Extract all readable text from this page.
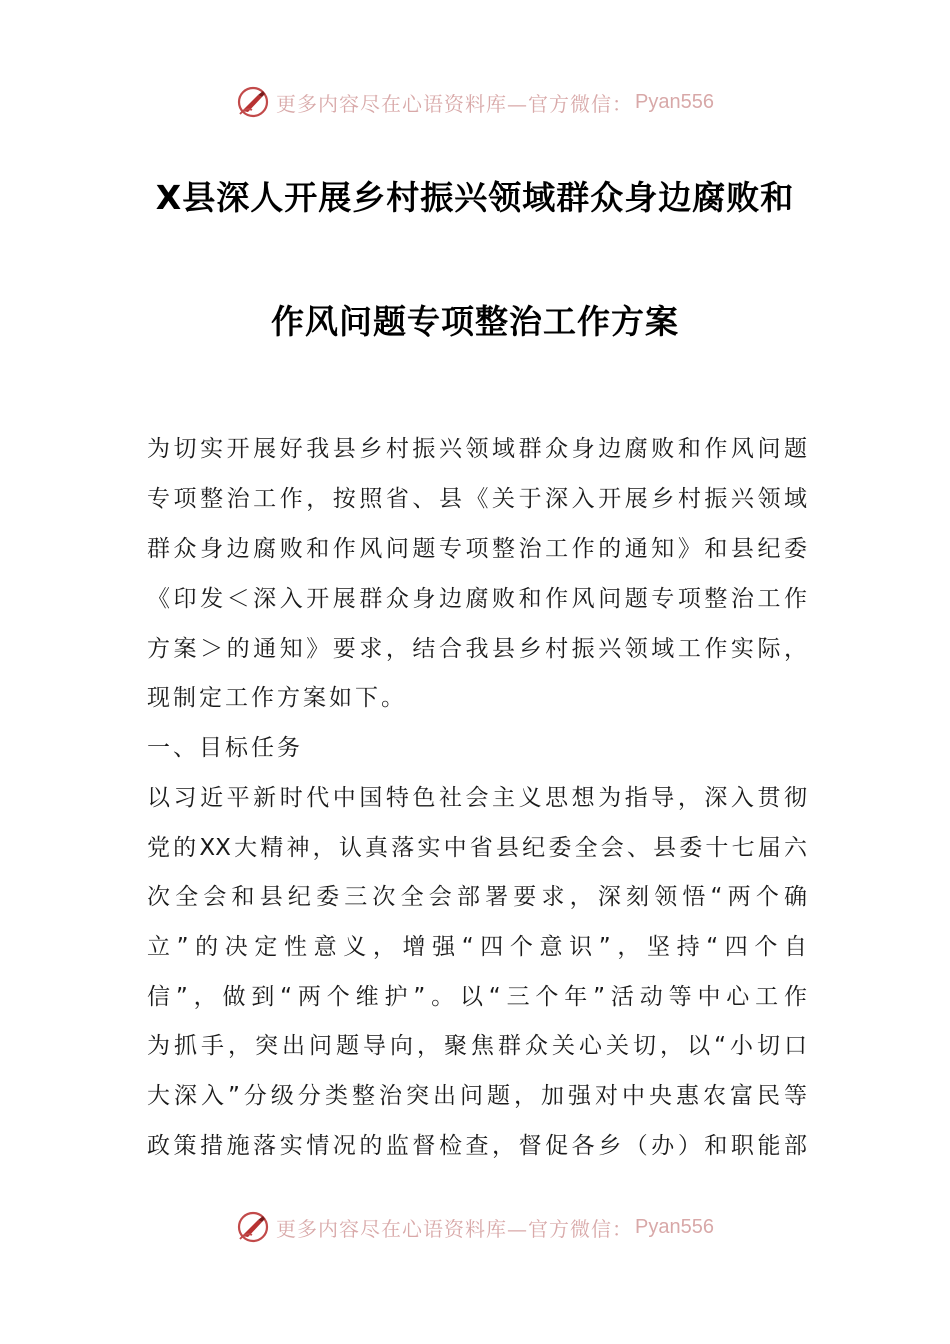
更多内容尽在心语资料库—官方微信： Pyan556
X县深人开展乡村振兴领域群众身边腐败和
作风问题专项整治工作方案
为切实开展好我县乡村振兴领域群众身边腐败和作风问题
专项整治工作，按照省、县《关于深入开展乡村振兴领域
群众身边腐败和作风问题专项整治工作的通知》和县纪委
《印发＜深入开展群众身边腐败和作风问题专项整治工作
方案＞的通知》要求，结合我县乡村振兴领域工作实际，
现制定工作方案如下。
一、目标任务
以习近平新时代中国特色社会主义思想为指导，深入贯彻
党的XX大精神，认真落实中省县纪委全会、县委十七届六
次全会和县纪委三次全会部署要求，深刻领悟“两个确
立”的决定性意义，增强“四个意识”，坚持“四个自
信”，做到“两个维护”。以“三个年”活动等中心工作
为抓手，突出问题导向，聚焦群众关心关切，以“小切口
大深入”分级分类整治突出问题，加强对中央惠农富民等
政策措施落实情况的监督检查，督促各乡（办）和职能部
更多内容尽在心语资料库—官方微信： Pyan556
